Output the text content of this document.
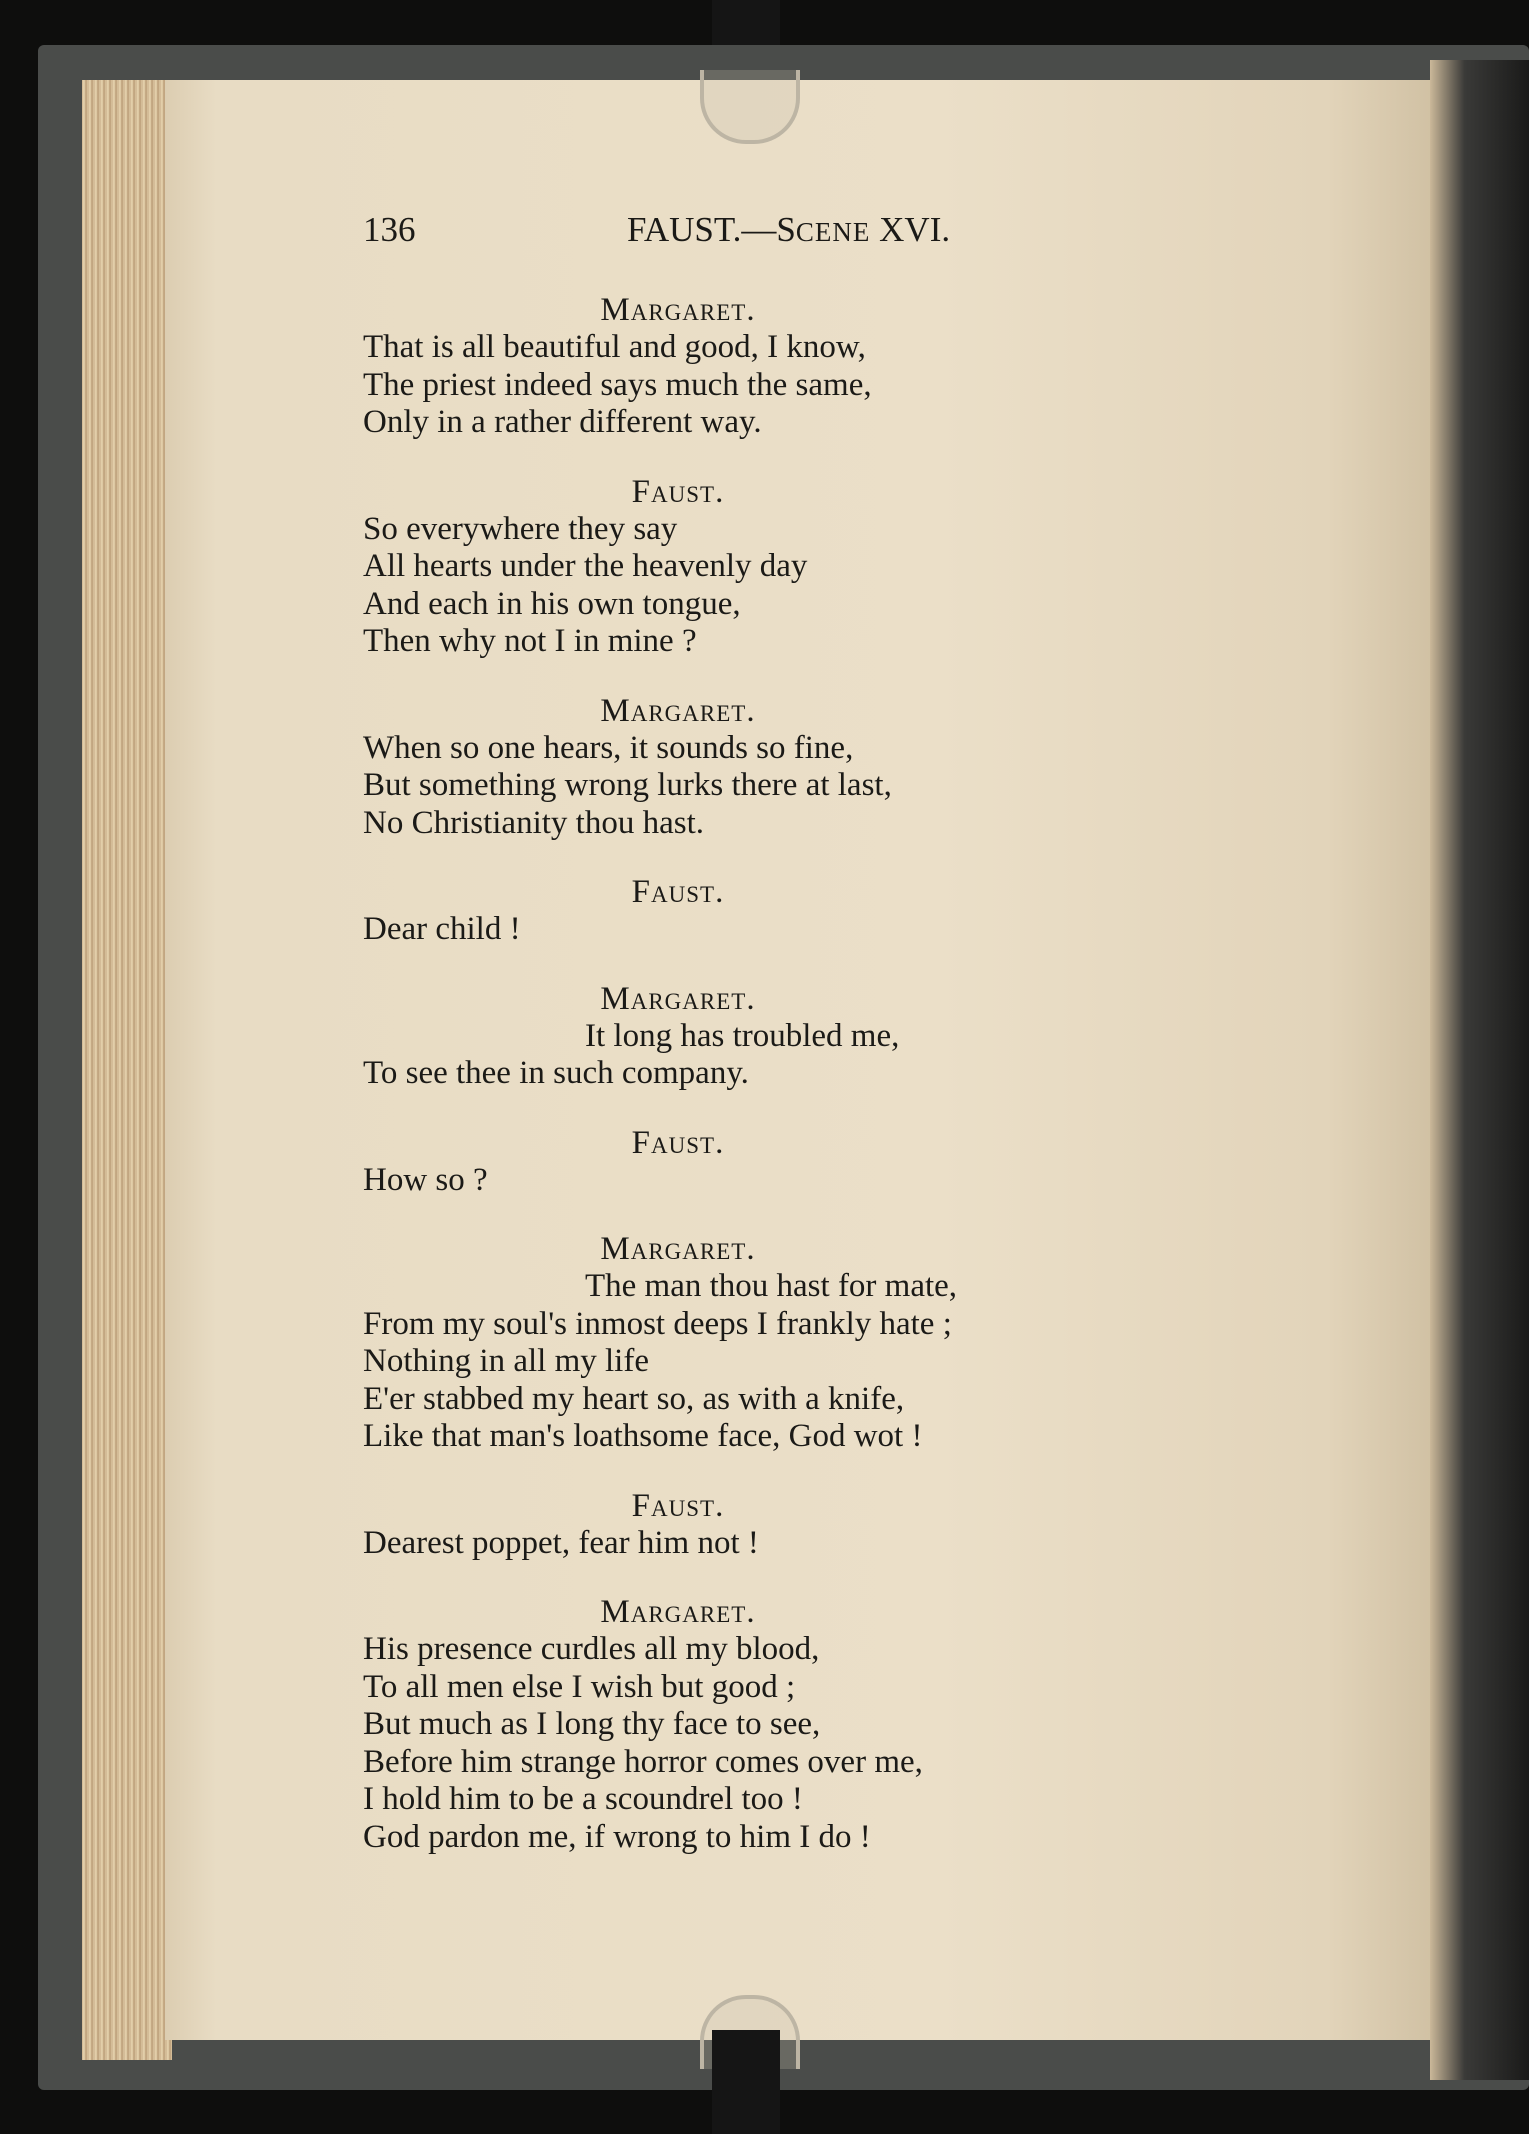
136	FAUST.—SCENE XVI.
Margaret.
That is all beautiful and good, I know,
The priest indeed says much the same,
Only in a rather different way.
Faust.
So everywhere they say
All hearts under the heavenly day
And each in his own tongue,
Then why not I in mine ?
Margaret.
When so one hears, it sounds so fine,
But something wrong lurks there at last,
No Christianity thou hast.
Faust.
Dear child !
Margaret.
It long has troubled me,
To see thee in such company.
Faust.
How so ?
Margaret.
The man thou hast for mate,
From my soul's inmost deeps I frankly hate ;
Nothing in all my life
E'er stabbed my heart so, as with a knife,
Like that man's loathsome face, God wot !
Faust.
Dearest poppet, fear him not !
Margaret.
His presence curdles all my blood,
To all men else I wish but good ;
But much as I long thy face to see,
Before him strange horror comes over me,
I hold him to be a scoundrel too !
God pardon me, if wrong to him I do !
